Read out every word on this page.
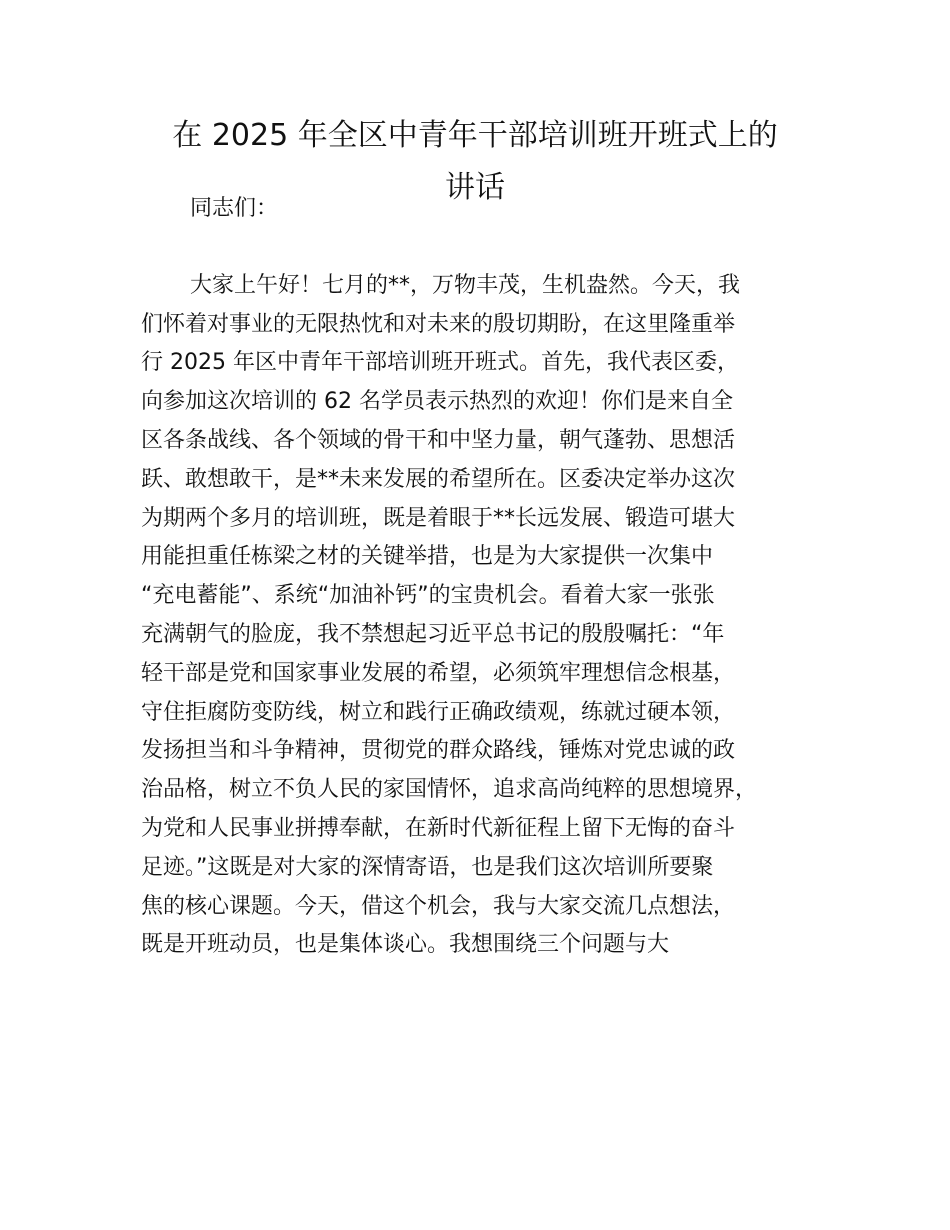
在 2025 年全区中青年干部培训班开班式上的
讲话
同志们：
大家上午好！七月的**，万物丰茂，生机盎然。今天，我
们怀着对事业的无限热忱和对未来的殷切期盼，在这里隆重举
行 2025 年区中青年干部培训班开班式。首先，我代表区委，
向参加这次培训的 62 名学员表示热烈的欢迎！你们是来自全
区各条战线、各个领域的骨干和中坚力量，朝气蓬勃、思想活
跃、敢想敢干，是**未来发展的希望所在。区委决定举办这次
为期两个多月的培训班，既是着眼于**长远发展、锻造可堪大
用能担重任栋梁之材的关键举措，也是为大家提供一次集中
“充电蓄能”、系统“加油补钙”的宝贵机会。看着大家一张张
充满朝气的脸庞，我不禁想起习近平总书记的殷殷嘱托：“年
轻干部是党和国家事业发展的希望，必须筑牢理想信念根基，
守住拒腐防变防线，树立和践行正确政绩观，练就过硬本领，
发扬担当和斗争精神，贯彻党的群众路线，锤炼对党忠诚的政
治品格，树立不负人民的家国情怀，追求高尚纯粹的思想境界，
为党和人民事业拼搏奉献，在新时代新征程上留下无悔的奋斗
足迹。”这既是对大家的深情寄语，也是我们这次培训所要聚
焦的核心课题。今天，借这个机会，我与大家交流几点想法，
既是开班动员，也是集体谈心。我想围绕三个问题与大
